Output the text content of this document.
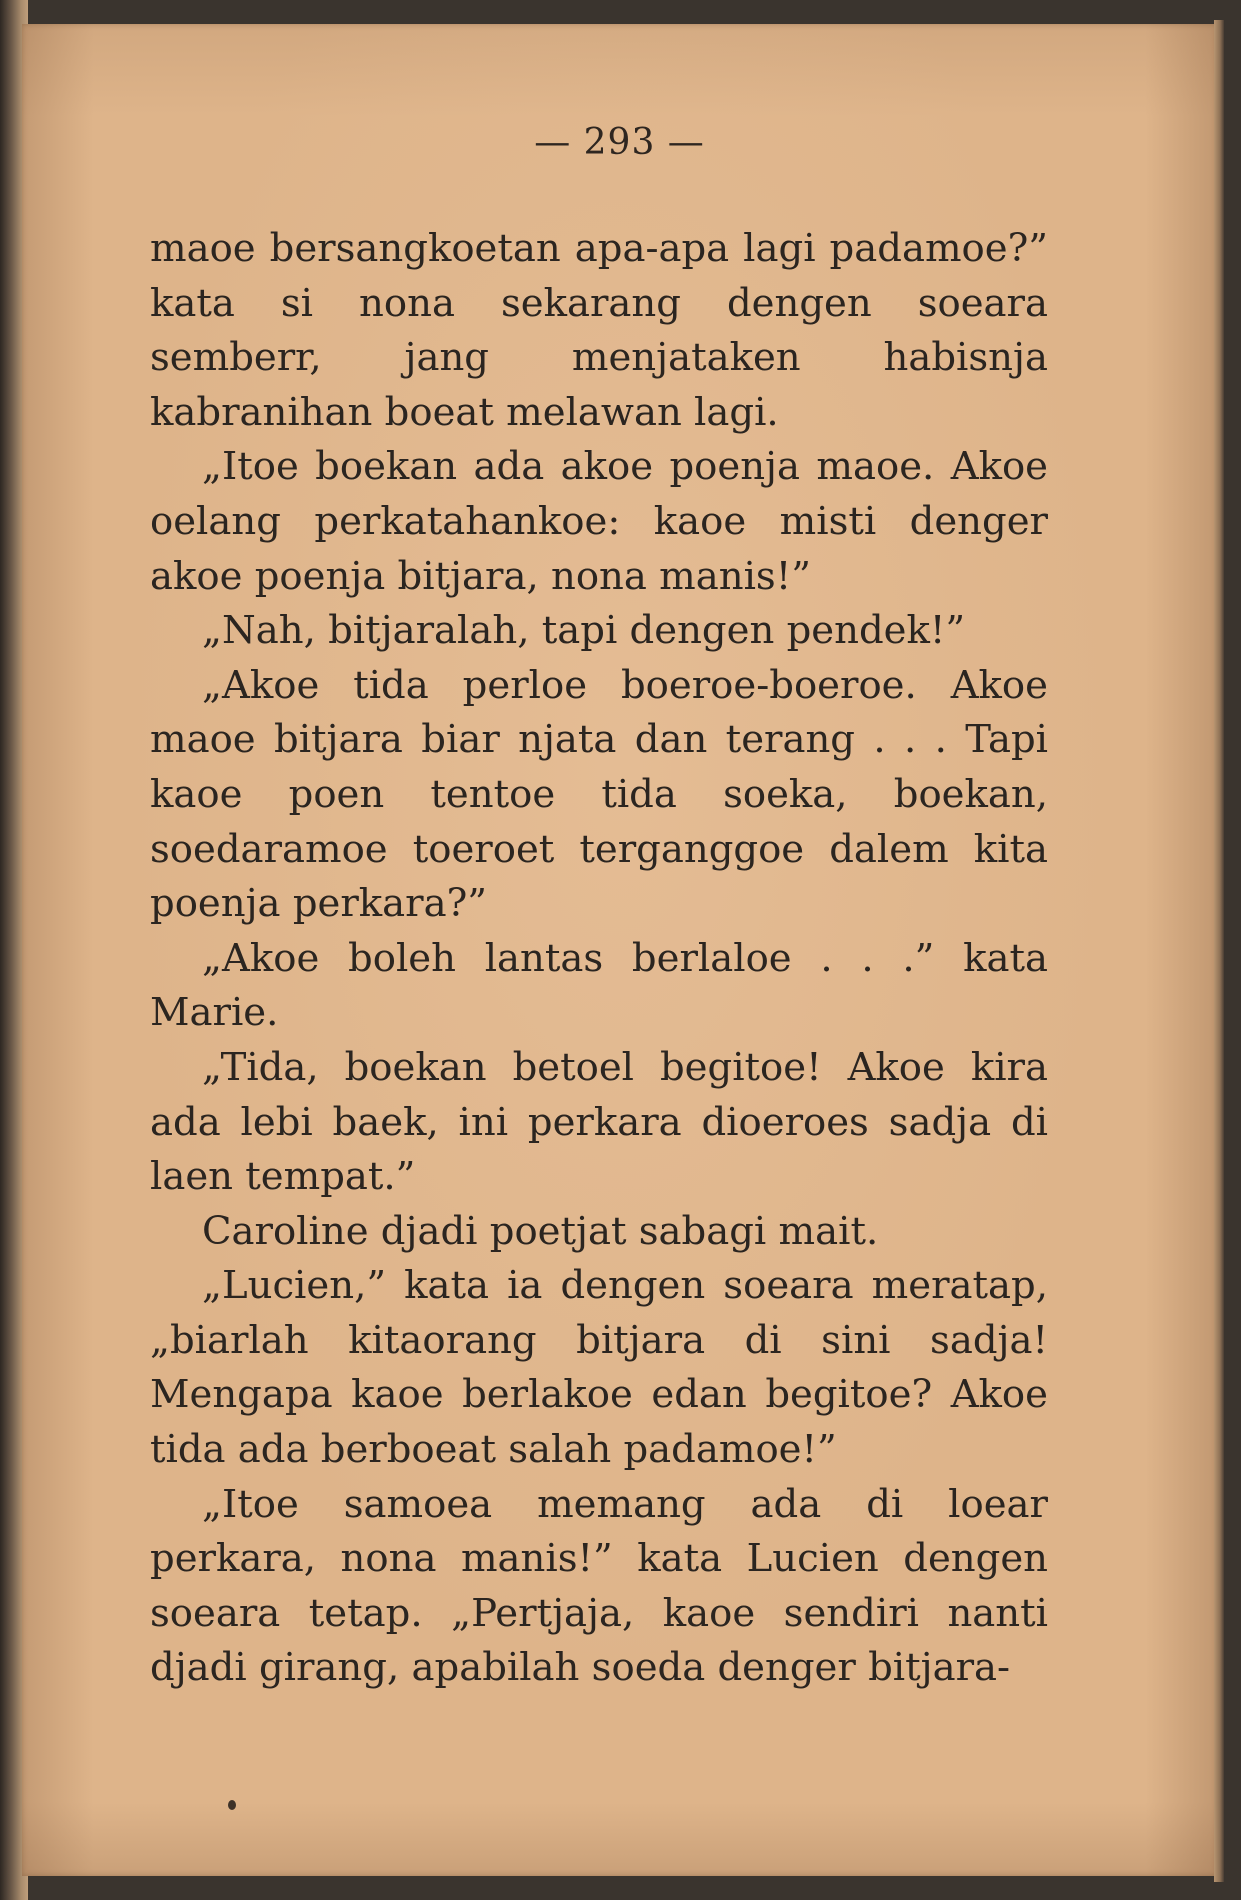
— 293 —

maoe bersangkoetan apa-apa lagi padamoe?” kata si nona sekarang dengen soeara semberr, jang menjataken habisnja kabranihan boeat melawan lagi.

„Itoe boekan ada akoe poenja maoe. Akoe oelang perkatahankoe: kaoe misti denger akoe poenja bitjara, nona manis!”

„Nah, bitjaralah, tapi dengen pendek!”

„Akoe tida perloe boeroe-boeroe. Akoe maoe bitjara biar njata dan terang . . . Tapi kaoe poen tentoe tida soeka, boekan, soedaramoe toeroet terganggoe dalem kita poenja perkara?”

„Akoe boleh lantas berlaloe . . .” kata Marie.

„Tida, boekan betoel begitoe! Akoe kira ada lebi baek, ini perkara dioeroes sadja di laen tempat.”

Caroline djadi poetjat sabagi mait.

„Lucien,” kata ia dengen soeara meratap, „biarlah kitaorang bitjara di sini sadja! Mengapa kaoe berlakoe edan begitoe? Akoe tida ada berboeat salah padamoe!”

„Itoe samoea memang ada di loear perkara, nona manis!” kata Lucien dengen soeara tetap. „Pertjaja, kaoe sendiri nanti djadi girang, apabilah soeda denger bitjara-
